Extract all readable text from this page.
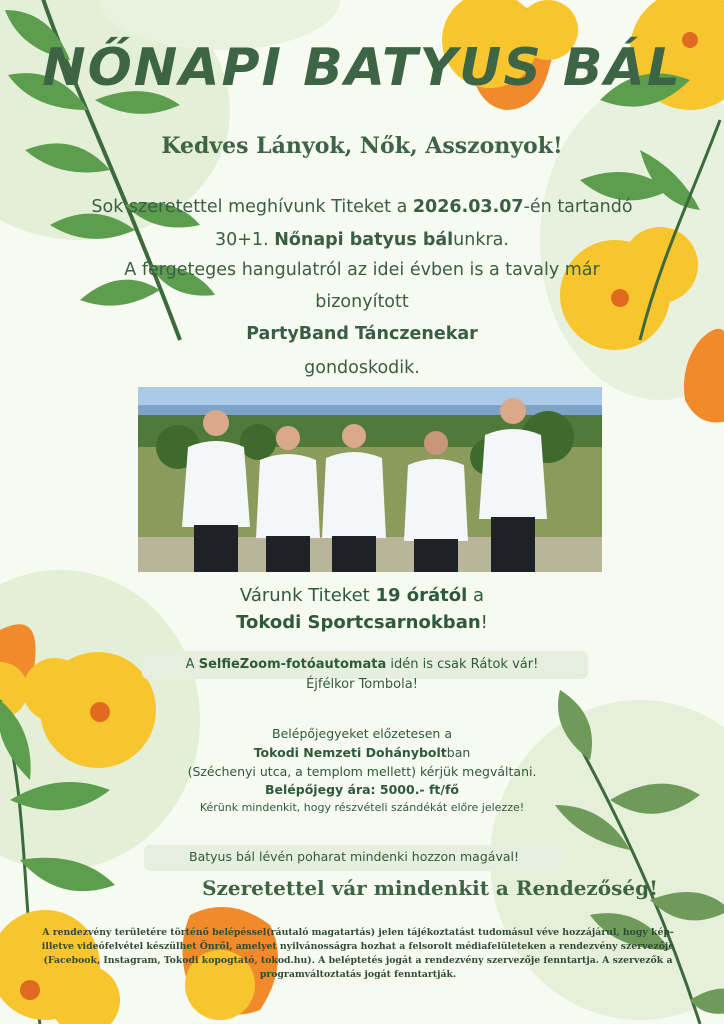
NŐNAPI BATYUS BÁL
Kedves Lányok, Nők, Asszonyok!
Sok szeretettel meghívunk Titeket a 2026.03.07-én tartandó
30+1. Nőnapi batyus bálunkra.
A fergeteges hangulatról az idei évben is a tavaly már
bizonyított
PartyBand Tánczenekar
gondoskodik.
Várunk Titeket 19 órától a
Tokodi Sportcsarnokban!
A SelfieZoom-fotóautomata idén is csak Rátok vár!
Éjfélkor Tombola!
Belépőjegyeket előzetesen a
Tokodi Nemzeti Dohányboltban
(Széchenyi utca, a templom mellett) kérjük megváltani.
Belépőjegy ára: 5000.- ft/fő
Kérünk mindenkit, hogy részvételi szándékát előre jelezze!
Batyus bál lévén poharat mindenki hozzon magával!
Szeretettel vár mindenkit a Rendezőség!
A rendezvény területére történő belépéssel(ráutaló magatartás) jelen tájékoztatást tudomásul véve hozzájárul, hogy kép- illetve videófelvétel készülhet Önről, amelyet nyilvánosságra hozhat a felsorolt médiafelületeken a rendezvény szervezője (Facebook, Instagram, Tokodi kopogtató, tokod.hu). A beléptetés jogát a rendezvény szervezője fenntartja. A szervezők a programváltoztatás jogát fenntartják.
